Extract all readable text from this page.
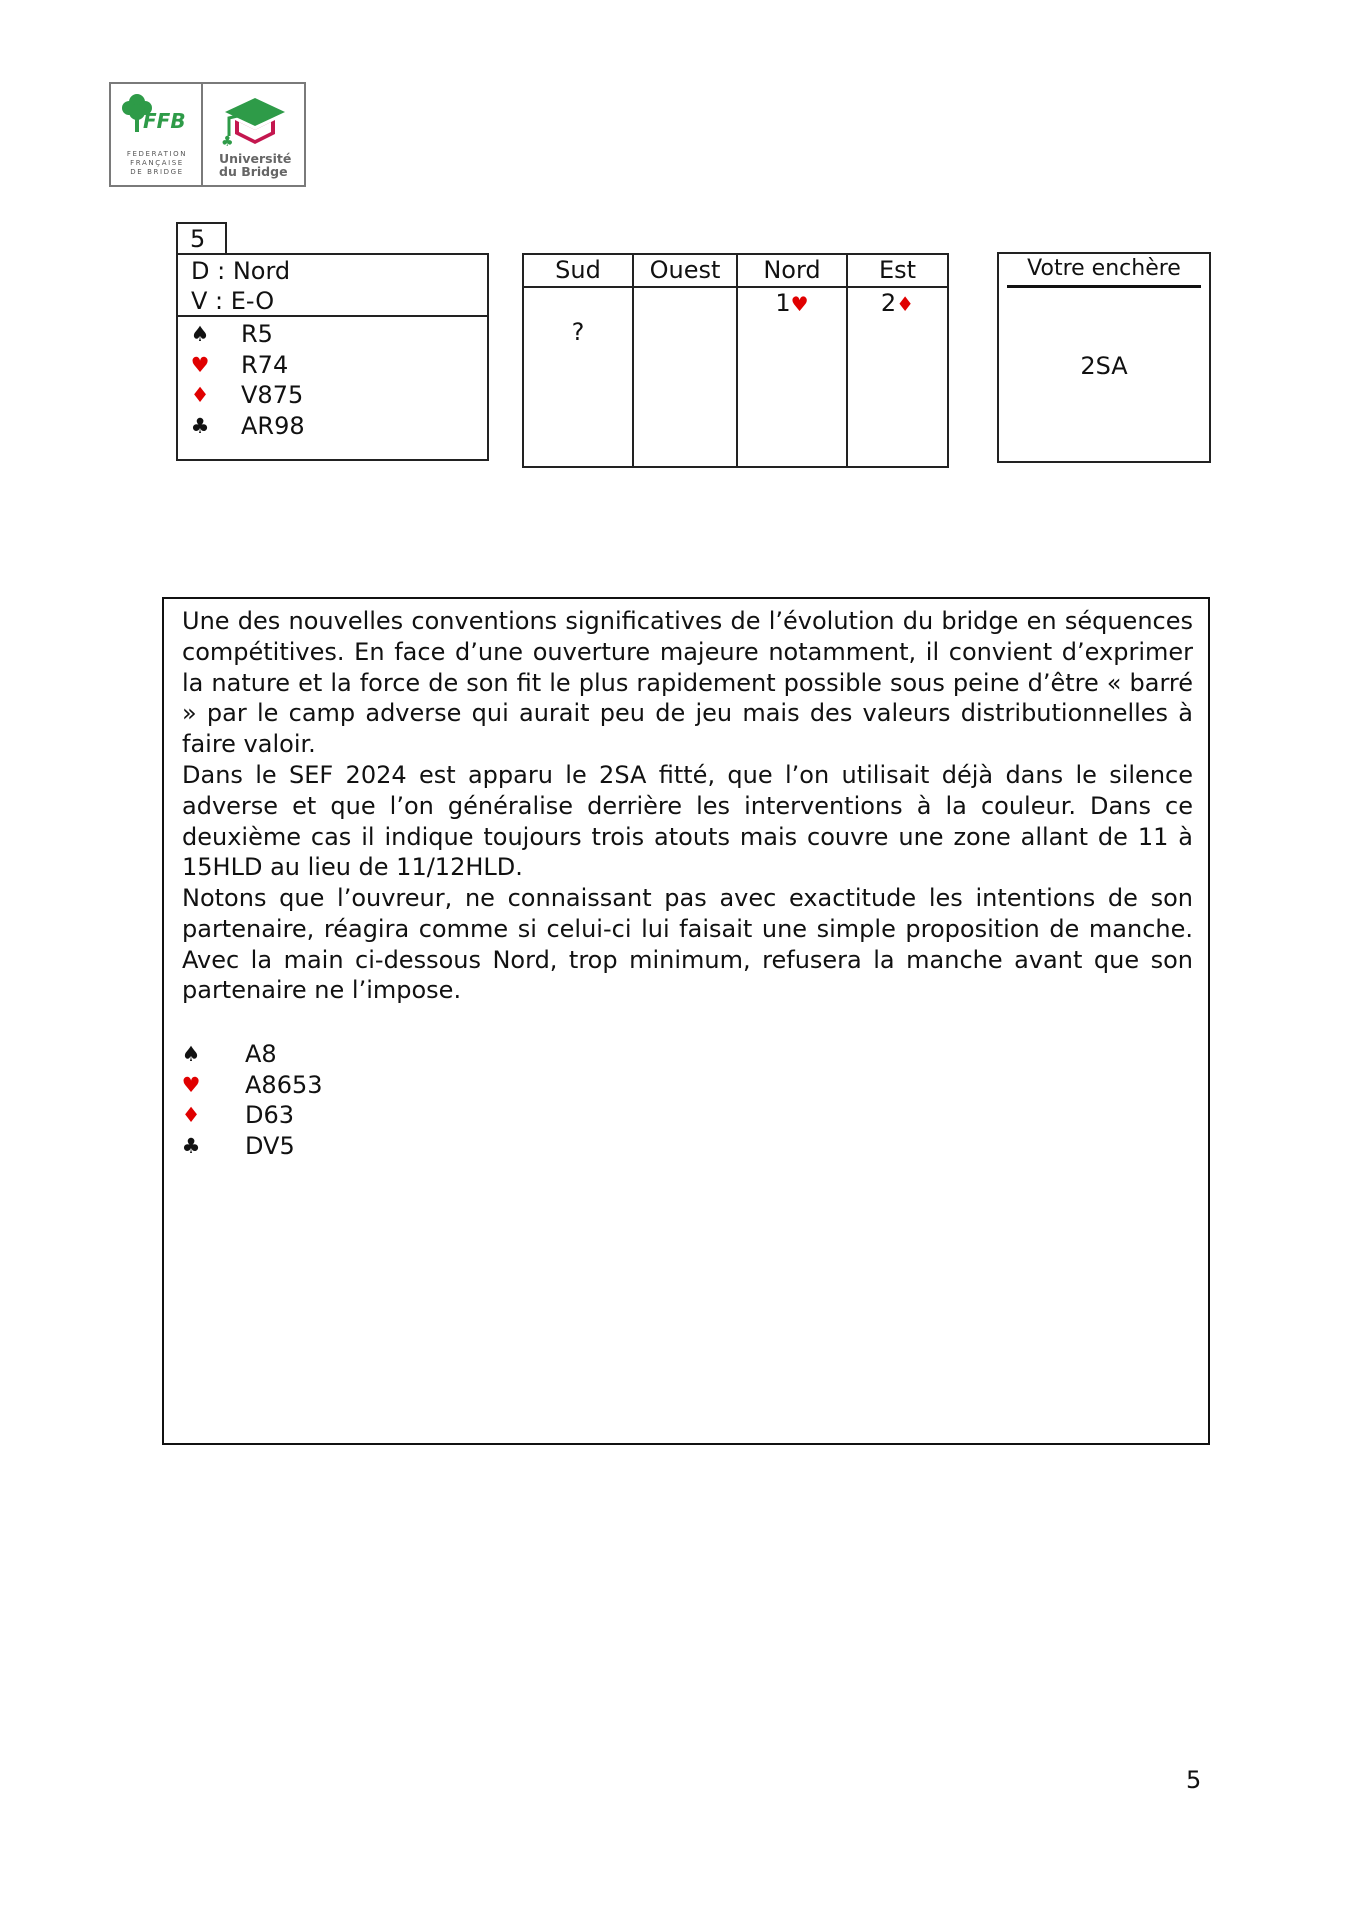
FFB
FEDERATION
FRANÇAISE
DE BRIDGE
♣
Université
du Bridge
5
D : Nord
V : E-O
♠ R5
♥ R74
♦ V875
♣ AR98
Sud
?
Ouest	Nord
1♥
Est
2♦
Votre enchère
2SA
Une des nouvelles conventions significatives de l’évolution du bridge en séquences compétitives. En face d’une ouverture majeure notamment, il convient d’exprimer la nature et la force de son fit le plus rapidement possible sous peine d’être « barré » par le camp adverse qui aurait peu de jeu mais des valeurs distributionnelles à faire valoir.
Dans le SEF 2024 est apparu le 2SA fitté, que l’on utilisait déjà dans le silence adverse et que l’on généralise derrière les interventions à la couleur. Dans ce deuxième cas il indique toujours trois atouts mais couvre une zone allant de 11 à 15HLD au lieu de 11/12HLD.
Notons que l’ouvreur, ne connaissant pas avec exactitude les intentions de son partenaire, réagira comme si celui-ci lui faisait une simple proposition de manche. Avec la main ci-dessous Nord, trop minimum, refusera la manche avant que son partenaire ne l’impose.
♠ A8
♥ A8653
♦ D63
♣ DV5
5
